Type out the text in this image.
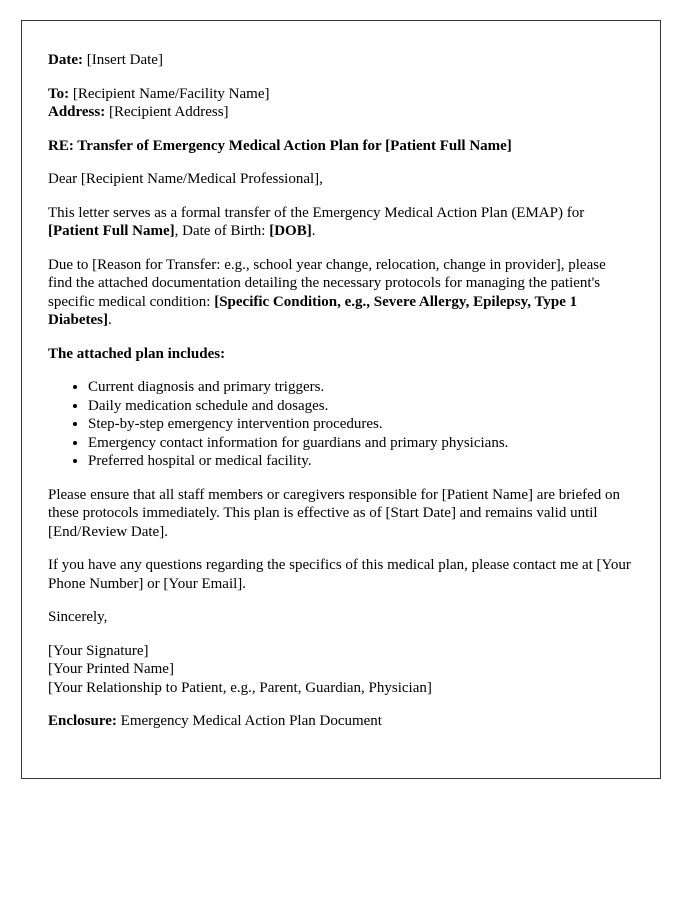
Date: [Insert Date]

To: [Recipient Name/Facility Name]
Address: [Recipient Address]

RE: Transfer of Emergency Medical Action Plan for [Patient Full Name]

Dear [Recipient Name/Medical Professional],

This letter serves as a formal transfer of the Emergency Medical Action Plan (EMAP) for [Patient Full Name], Date of Birth: [DOB].

Due to [Reason for Transfer: e.g., school year change, relocation, change in provider], please find the attached documentation detailing the necessary protocols for managing the patient's specific medical condition: [Specific Condition, e.g., Severe Allergy, Epilepsy, Type 1 Diabetes].

The attached plan includes:

• Current diagnosis and primary triggers.
• Daily medication schedule and dosages.
• Step-by-step emergency intervention procedures.
• Emergency contact information for guardians and primary physicians.
• Preferred hospital or medical facility.

Please ensure that all staff members or caregivers responsible for [Patient Name] are briefed on these protocols immediately. This plan is effective as of [Start Date] and remains valid until [End/Review Date].

If you have any questions regarding the specifics of this medical plan, please contact me at [Your Phone Number] or [Your Email].

Sincerely,

[Your Signature]
[Your Printed Name]
[Your Relationship to Patient, e.g., Parent, Guardian, Physician]

Enclosure: Emergency Medical Action Plan Document
